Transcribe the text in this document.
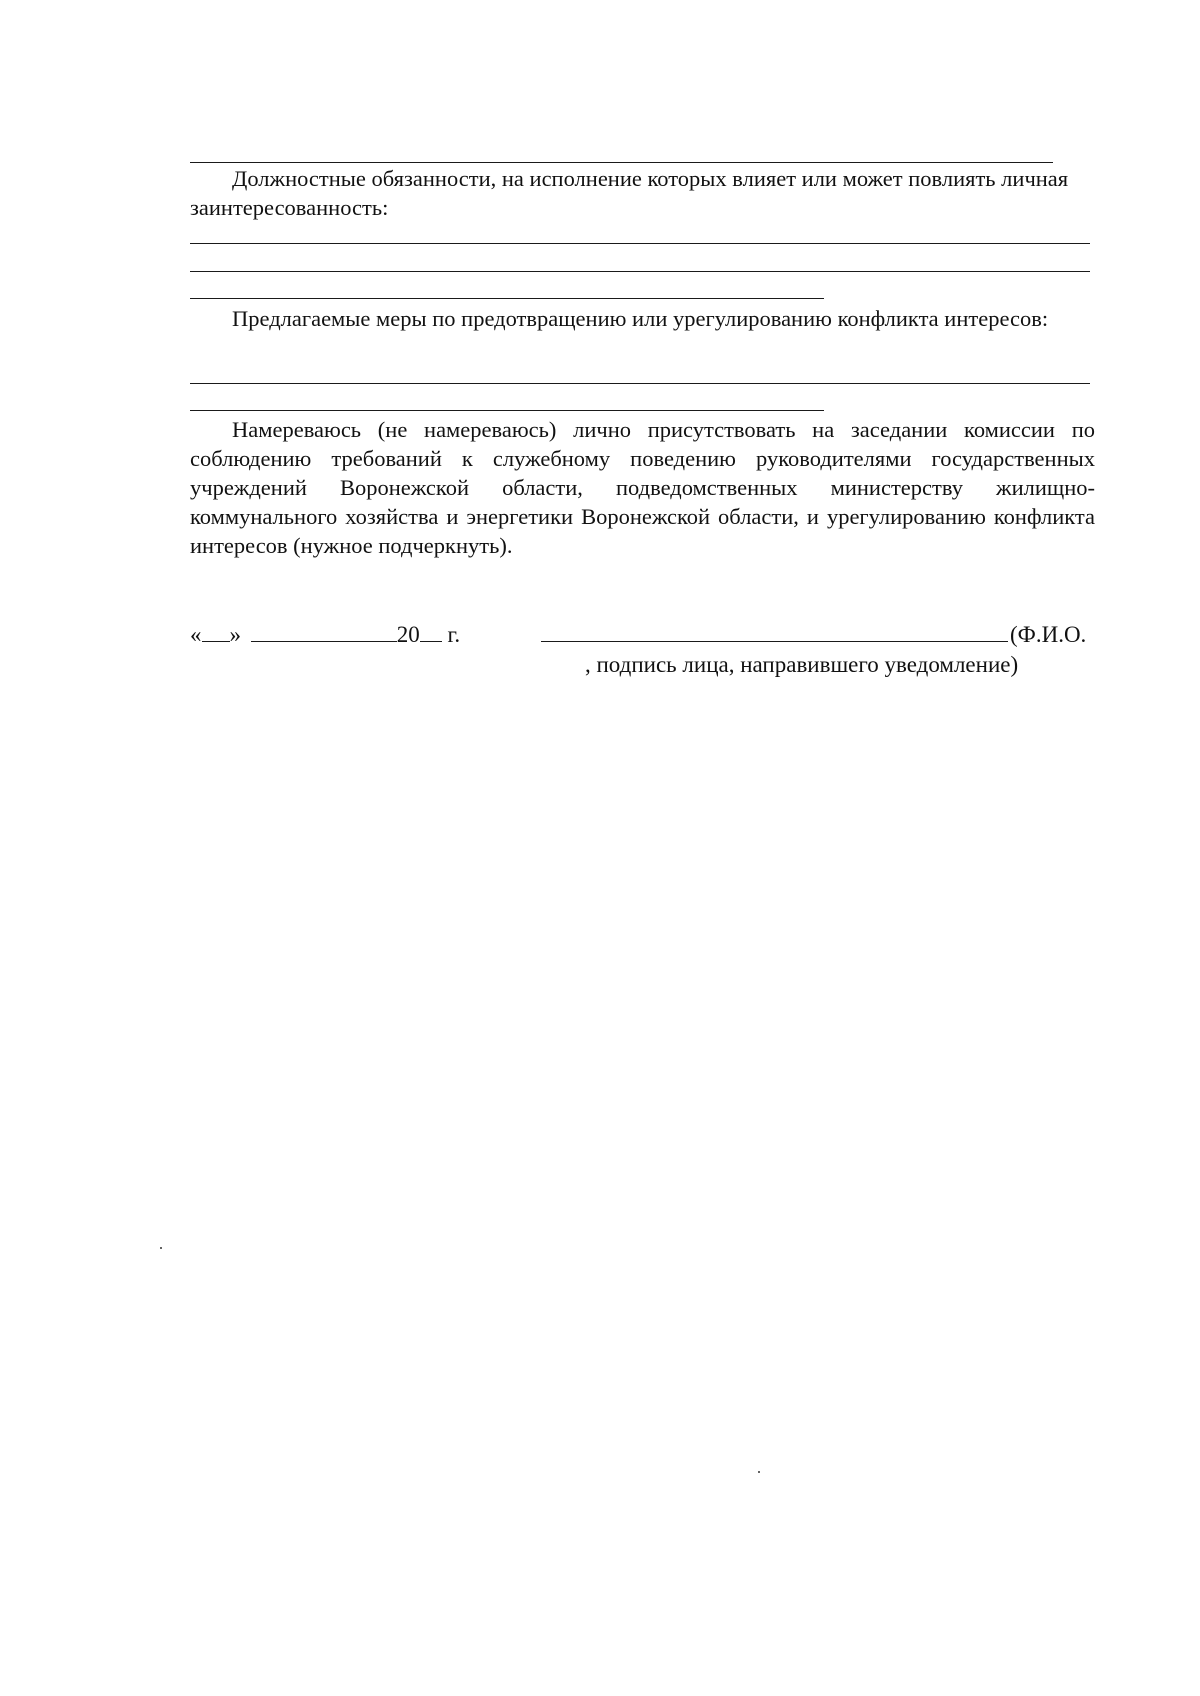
Должностные обязанности, на исполнение которых влияет или может повлиять личная заинтересованность:

Предлагаемые меры по предотвращению или урегулированию конфликта интересов:

Намереваюсь (не намереваюсь) лично присутствовать на заседании комиссии по соблюдению требований к служебному поведению руководителями государственных учреждений Воронежской области, подведомственных министерству жилищно-коммунального хозяйства и энергетики Воронежской области, и урегулированию конфликта интересов (нужное подчеркнуть).

« »	20 г.	(Ф.И.О.
, подпись лица, направившего уведомление)
